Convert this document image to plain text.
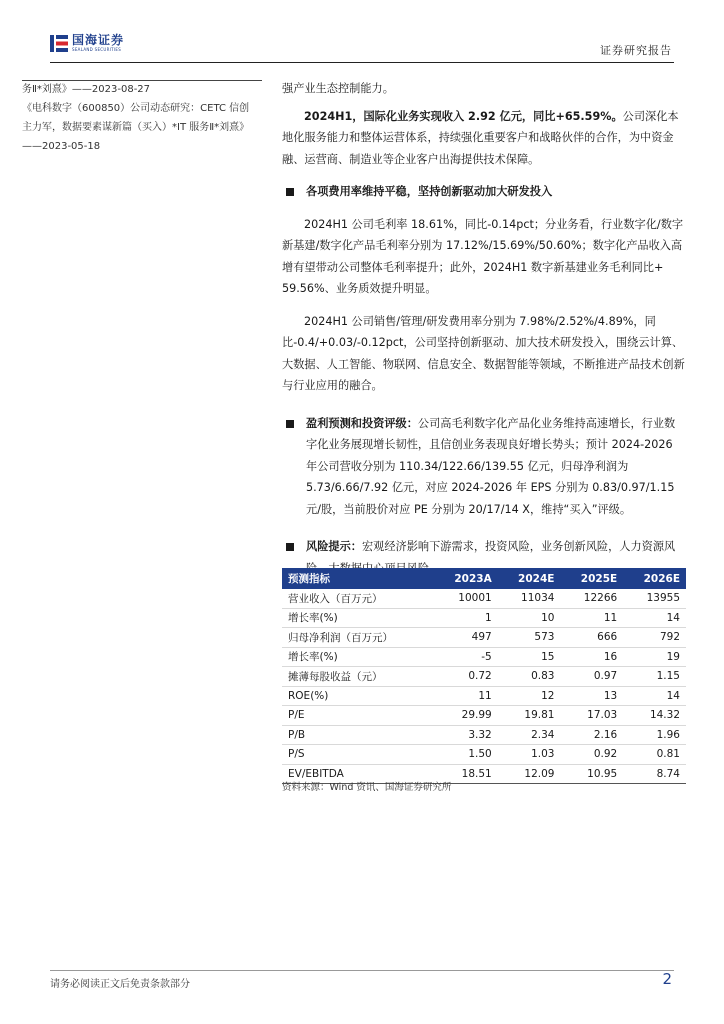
国海证券
SEALAND SECURITIES	证券研究报告

务Ⅱ*刘熹》——2023-08-27

《电科数字（600850）公司动态研究：CETC 信创

主力军，数据要素谋新篇（买入）*IT 服务Ⅱ*刘熹》

——2023-05-18

强产业生态控制能力。

2024H1，国际化业务实现收入 2.92 亿元，同比+65.59%。公司深化本地化服务能力和整体运营体系，持续强化重要客户和战略伙伴的合作，为中资金融、运营商、制造业等企业客户出海提供技术保障。

各项费用率维持平稳，坚持创新驱动加大研发投入

2024H1 公司毛利率 18.61%，同比-0.14pct；分业务看，行业数字化/数字新基建/数字化产品毛利率分别为 17.12%/15.69%/50.60%；数字化产品收入高增有望带动公司整体毛利率提升；此外，2024H1 数字新基建业务毛利同比+ 59.56%、业务质效提升明显。

2024H1 公司销售/管理/研发费用率分别为 7.98%/2.52%/4.89%，同比-0.4/+0.03/-0.12pct，公司坚持创新驱动、加大技术研发投入，围绕云计算、大数据、人工智能、物联网、信息安全、数据智能等领域，不断推进产品技术创新与行业应用的融合。

盈利预测和投资评级：公司高毛利数字化产品化业务维持高速增长，行业数字化业务展现增长韧性，且信创业务表现良好增长势头；预计 2024-2026 年公司营收分别为 110.34/122.66/139.55 亿元，归母净利润为 5.73/6.66/7.92 亿元，对应 2024-2026 年 EPS 分别为 0.83/0.97/1.15 元/股，当前股价对应 PE 分别为 20/17/14 X，维持“买入”评级。
风险提示：宏观经济影响下游需求，投资风险，业务创新风险，人力资源风
预测指标	2023A	2024E	2025E	2026E
营业收入（百万元）	10001	11034	12266	13955
增长率(%)	1	10	11	14
归母净利润（百万元）	497	573	666	792
增长率(%)	-5	15	16	19
摊薄每股收益（元）	0.72	0.83	0.97	1.15
ROE(%)	11	12	13	14
P/E	29.99	19.81	17.03	14.32
P/B	3.32	2.34	2.16	1.96
P/S	1.50	1.03	0.92	0.81
EV/EBITDA	18.51	12.09	10.95	8.74
资料来源：Wind 资讯、国海证券研究所
请务必阅读正文后免责条款部分	2
